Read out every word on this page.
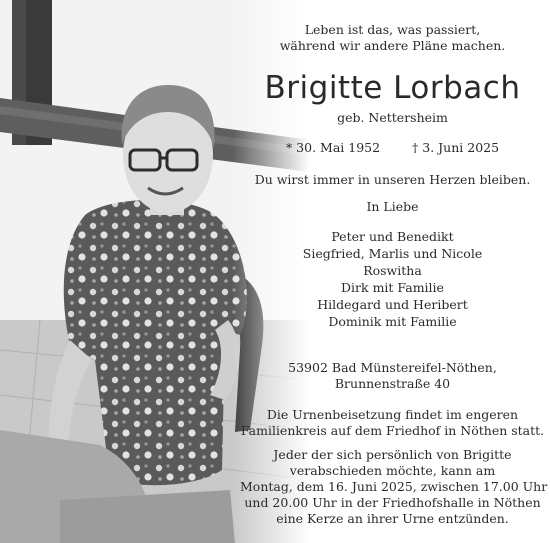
Leben ist das, was passiert,
während wir andere Pläne machen.
Brigitte Lorbach
geb. Nettersheim
* 30. Mai 1952	† 3. Juni 2025
Du wirst immer in unseren Herzen bleiben.
In Liebe
Peter und Benedikt
Siegfried, Marlis und Nicole
Roswitha
Dirk mit Familie
Hildegard und Heribert
Dominik mit Familie
53902 Bad Münstereifel-Nöthen,
Brunnenstraße 40
Die Urnenbeisetzung findet im engeren
Familienkreis auf dem Friedhof in Nöthen statt.
Jeder der sich persönlich von Brigitte
verabschieden möchte, kann am
Montag, dem 16. Juni 2025, zwischen 17.00 Uhr
und 20.00 Uhr in der Friedhofshalle in Nöthen
eine Kerze an ihrer Urne entzünden.
